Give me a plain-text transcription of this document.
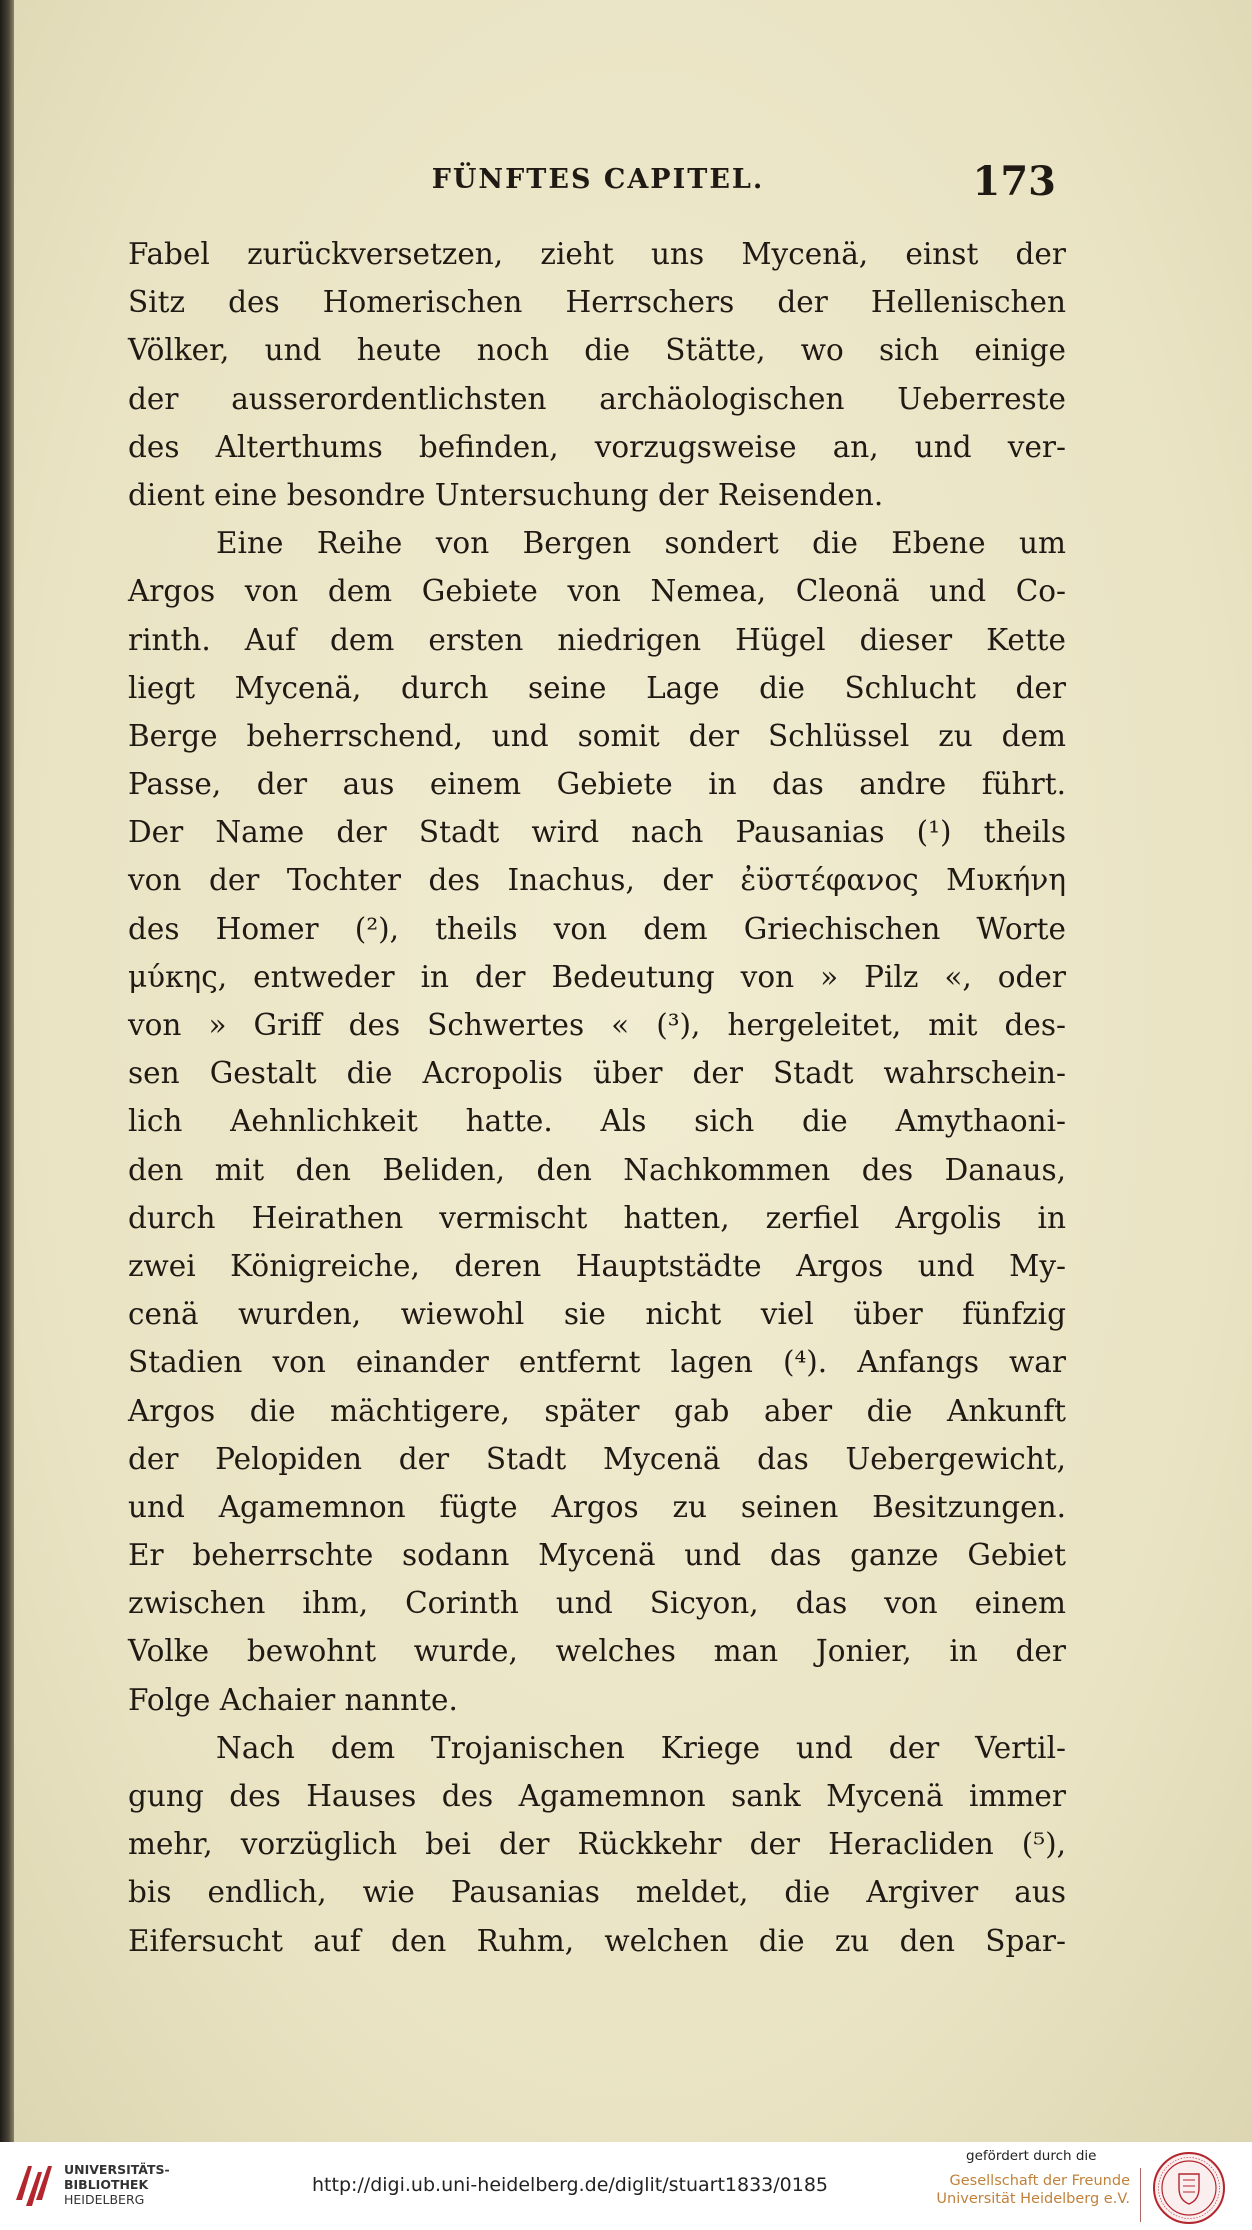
FÜNFTES CAPITEL.	173
Fabel zurückversetzen, zieht uns Mycenä, einst der
Sitz des Homerischen Herrschers der Hellenischen
Völker, und heute noch die Stätte, wo sich einige
der ausserordentlichsten archäologischen Ueberreste
des Alterthums befinden, vorzugsweise an, und ver-
dient eine besondre Untersuchung der Reisenden.
Eine Reihe von Bergen sondert die Ebene um
Argos von dem Gebiete von Nemea, Cleonä und Co-
rinth. Auf dem ersten niedrigen Hügel dieser Kette
liegt Mycenä, durch seine Lage die Schlucht der
Berge beherrschend, und somit der Schlüssel zu dem
Passe, der aus einem Gebiete in das andre führt.
Der Name der Stadt wird nach Pausanias (¹) theils
von der Tochter des Inachus, der ἐϋστέφανος Μυκήνη
des Homer (²), theils von dem Griechischen Worte
μύκης, entweder in der Bedeutung von » Pilz «, oder
von » Griff des Schwertes « (³), hergeleitet, mit des-
sen Gestalt die Acropolis über der Stadt wahrschein-
lich Aehnlichkeit hatte. Als sich die Amythaoni-
den mit den Beliden, den Nachkommen des Danaus,
durch Heirathen vermischt hatten, zerfiel Argolis in
zwei Königreiche, deren Hauptstädte Argos und My-
cenä wurden, wiewohl sie nicht viel über fünfzig
Stadien von einander entfernt lagen (⁴). Anfangs war
Argos die mächtigere, später gab aber die Ankunft
der Pelopiden der Stadt Mycenä das Uebergewicht,
und Agamemnon fügte Argos zu seinen Besitzungen.
Er beherrschte sodann Mycenä und das ganze Gebiet
zwischen ihm, Corinth und Sicyon, das von einem
Volke bewohnt wurde, welches man Jonier, in der
Folge Achaier nannte.
Nach dem Trojanischen Kriege und der Vertil-
gung des Hauses des Agamemnon sank Mycenä immer
mehr, vorzüglich bei der Rückkehr der Heracliden (⁵),
bis endlich, wie Pausanias meldet, die Argiver aus
Eifersucht auf den Ruhm, welchen die zu den Spar-
UNIVERSITÄTS-
BIBLIOTHEK
HEIDELBERG
http://digi.ub.uni-heidelberg.de/diglit/stuart1833/0185
gefördert durch die
Gesellschaft der Freunde
Universität Heidelberg e.V.
